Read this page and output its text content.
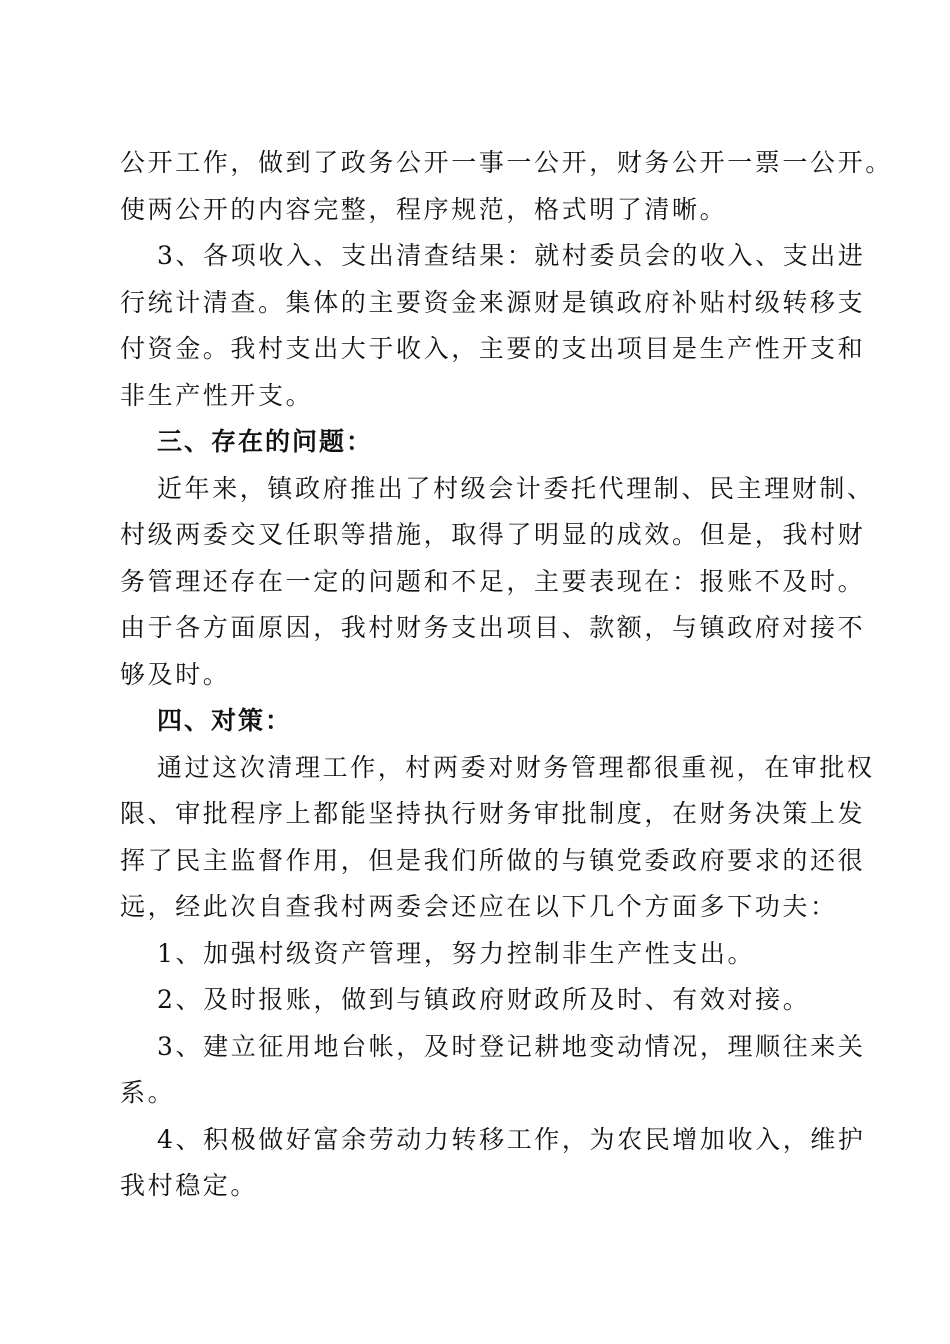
公开工作，做到了政务公开一事一公开，财务公开一票一公开。
使两公开的内容完整，程序规范，格式明了清晰。
3、各项收入、支出清查结果：就村委员会的收入、支出进
行统计清查。集体的主要资金来源财是镇政府补贴村级转移支
付资金。我村支出大于收入，主要的支出项目是生产性开支和
非生产性开支。
三、存在的问题：
近年来，镇政府推出了村级会计委托代理制、民主理财制、
村级两委交叉任职等措施，取得了明显的成效。但是，我村财
务管理还存在一定的问题和不足，主要表现在：报账不及时。
由于各方面原因，我村财务支出项目、款额，与镇政府对接不
够及时。
四、对策：
通过这次清理工作，村两委对财务管理都很重视，在审批权
限、审批程序上都能坚持执行财务审批制度，在财务决策上发
挥了民主监督作用，但是我们所做的与镇党委政府要求的还很
远，经此次自查我村两委会还应在以下几个方面多下功夫：
1、加强村级资产管理，努力控制非生产性支出。
2、及时报账，做到与镇政府财政所及时、有效对接。
3、建立征用地台帐，及时登记耕地变动情况，理顺往来关
系。
4、积极做好富余劳动力转移工作，为农民增加收入，维护
我村稳定。
